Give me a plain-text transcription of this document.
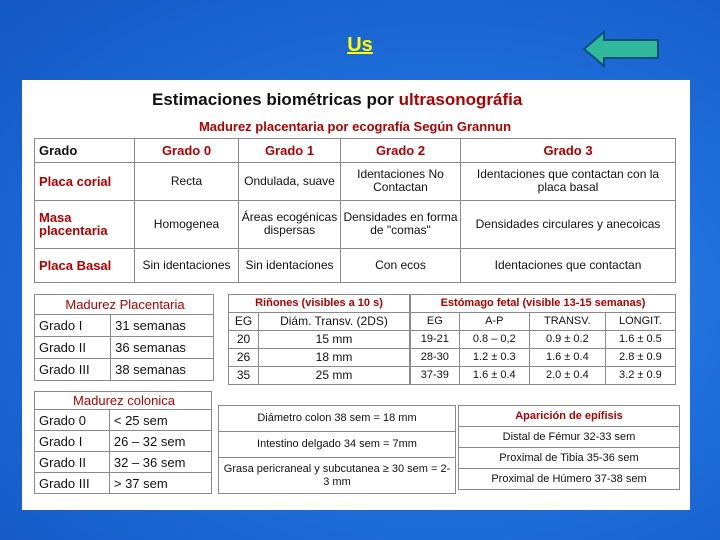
Us
Estimaciones biométricas por ultrasonográfia
Madurez placentaria por ecografía Según Grannun				
Grado	Grado 0	Grado 1	Grado 2	Grado 3
Placa corial	Recta	Ondulada, suave	Identaciones No Contactan	Identaciones que contactan con la placa basal
Masa placentaria	Homogenea	Áreas ecogénicas dispersas	Densidades en forma de "comas"	Densidades circulares y anecoicas
Placa Basal	Sin identaciones	Sin identaciones	Con ecos	Identaciones que contactan
Madurez Placentaria	
Grado I	31 semanas
Grado II	36 semanas
Grado III	38 semanas
Riñones (visibles a 10 s)	
EG	Diám. Transv. (2DS)
20	15 mm
26	18 mm
35	25 mm
Estómago fetal (visible 13-15 semanas)			
EG	A-P	TRANSV.	LONGIT.
19-21	0.8 – 0,2	0.9 ± 0.2	1.6 ± 0.5
28-30	1.2 ± 0.3	1.6 ± 0.4	2.8 ± 0.9
37-39	1.6 ± 0.4	2.0 ± 0.4	3.2 ± 0.9
Madurez colonica	
Grado 0	< 25 sem
Grado I	26 – 32 sem
Grado II	32 – 36 sem
Grado III	> 37 sem
Diámetro colon 38 sem = 18 mm
Intestino delgado 34 sem = 7mm
Grasa pericraneal y subcutanea ≥ 30 sem = 2-3 mm
Aparición de epífisis
Distal de Fémur 32-33 sem
Proximal de Tibia 35-36 sem
Proximal de Húmero 37-38 sem
